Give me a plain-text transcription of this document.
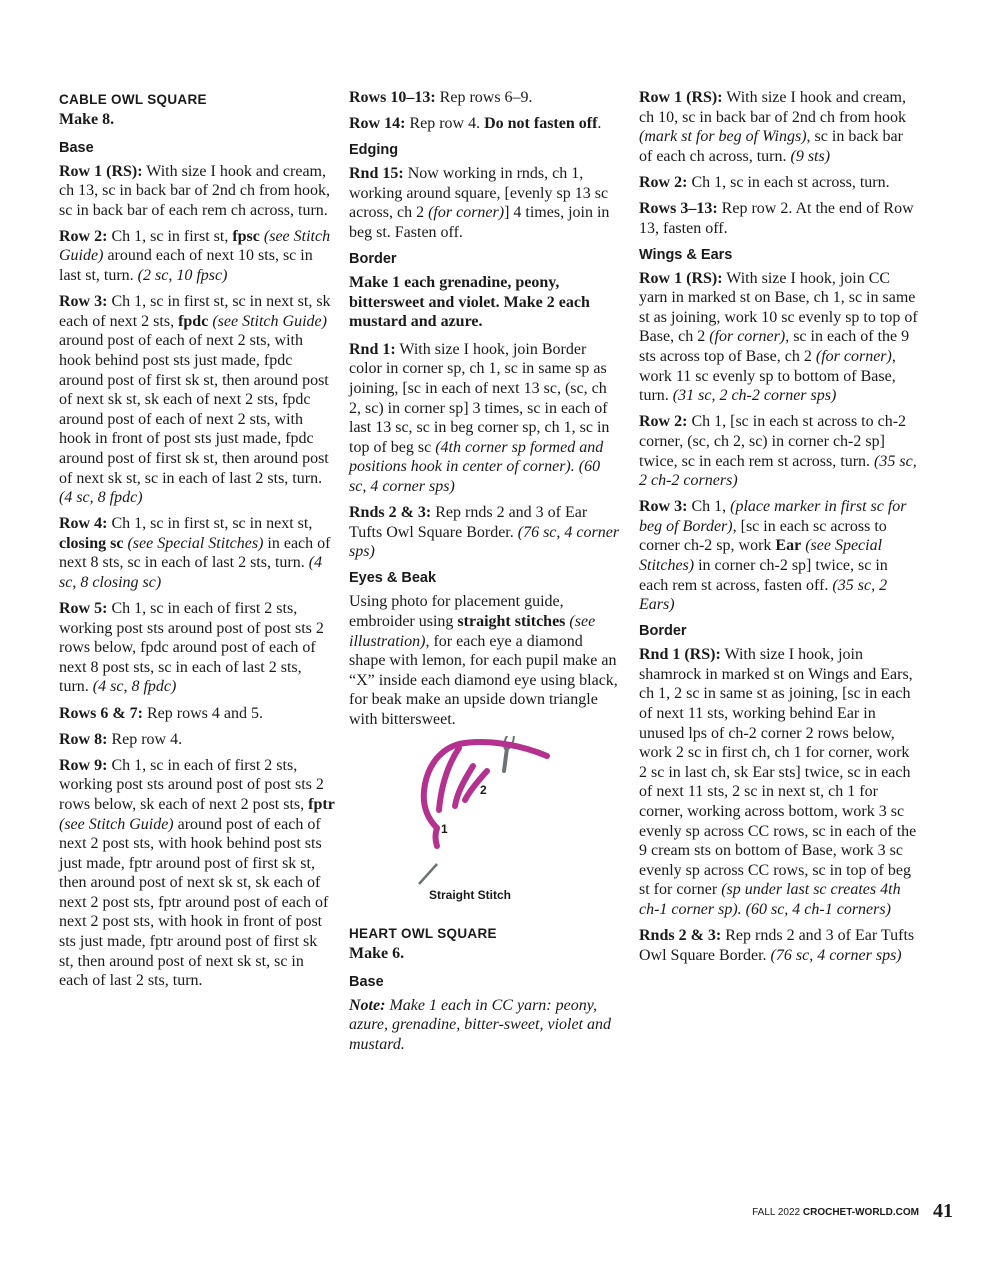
CABLE OWL SQUARE

Make 8.

Base

Row 1 (RS): With size I hook and cream, ch 13, sc in back bar of 2nd ch from hook, sc in back bar of each rem ch across, turn.

Row 2: Ch 1, sc in first st, fpsc (see Stitch Guide) around each of next 10 sts, sc in last st, turn. (2 sc, 10 fpsc)

Row 3: Ch 1, sc in first st, sc in next st, sk each of next 2 sts, fpdc (see Stitch Guide) around post of each of next 2 sts, with hook behind post sts just made, fpdc around post of first sk st, then around post of next sk st, sk each of next 2 sts, fpdc around post of each of next 2 sts, with hook in front of post sts just made, fpdc around post of first sk st, then around post of next sk st, sc in each of last 2 sts, turn. (4 sc, 8 fpdc)

Row 4: Ch 1, sc in first st, sc in next st, closing sc (see Special Stitches) in each of next 8 sts, sc in each of last 2 sts, turn. (4 sc, 8 closing sc)

Row 5: Ch 1, sc in each of first 2 sts, working post sts around post of post sts 2 rows below, fpdc around post of each of next 8 post sts, sc in each of last 2 sts, turn. (4 sc, 8 fpdc)

Rows 6 & 7: Rep rows 4 and 5.

Row 8: Rep row 4.

Row 9: Ch 1, sc in each of first 2 sts, working post sts around post of post sts 2 rows below, sk each of next 2 post sts, fptr (see Stitch Guide) around post of each of next 2 post sts, with hook behind post sts just made, fptr around post of first sk st, then around post of next sk st, sk each of next 2 post sts, fptr around post of each of next 2 post sts, with hook in front of post sts just made, fptr around post of first sk st, then around post of next sk st, sc in each of last 2 sts, turn.

Rows 10–13: Rep rows 6–9.

Row 14: Rep row 4. Do not fasten off.

Edging

Rnd 15: Now working in rnds, ch 1, working around square, [evenly sp 13 sc across, ch 2 (for corner)] 4 times, join in beg st. Fasten off.

Border

Make 1 each grenadine, peony, bittersweet and violet. Make 2 each mustard and azure.

Rnd 1: With size I hook, join Border color in corner sp, ch 1, sc in same sp as joining, [sc in each of next 13 sc, (sc, ch 2, sc) in corner sp] 3 times, sc in each of last 13 sc, sc in beg corner sp, ch 1, sc in top of beg sc (4th corner sp formed and positions hook in center of corner). (60 sc, 4 corner sps)

Rnds 2 & 3: Rep rnds 2 and 3 of Ear Tufts Owl Square Border. (76 sc, 4 corner sps)

Eyes & Beak

Using photo for placement guide, embroider using straight stitches (see illustration), for each eye a diamond shape with lemon, for each pupil make an “X” inside each diamond eye using black, for beak make an upside down triangle with bittersweet.

2
1
Straight Stitch
HEART OWL SQUARE

Make 6.

Base

Note: Make 1 each in CC yarn: peony, azure, grenadine, bitter-sweet, violet and mustard.

Row 1 (RS): With size I hook and cream, ch 10, sc in back bar of 2nd ch from hook (mark st for beg of Wings), sc in back bar of each ch across, turn. (9 sts)

Row 2: Ch 1, sc in each st across, turn.

Rows 3–13: Rep row 2. At the end of Row 13, fasten off.

Wings & Ears

Row 1 (RS): With size I hook, join CC yarn in marked st on Base, ch 1, sc in same st as joining, work 10 sc evenly sp to top of Base, ch 2 (for corner), sc in each of the 9 sts across top of Base, ch 2 (for corner), work 11 sc evenly sp to bottom of Base, turn. (31 sc, 2 ch-2 corner sps)

Row 2: Ch 1, [sc in each st across to ch-2 corner, (sc, ch 2, sc) in corner ch-2 sp] twice, sc in each rem st across, turn. (35 sc, 2 ch-2 corners)

Row 3: Ch 1, (place marker in first sc for beg of Border), [sc in each sc across to corner ch-2 sp, work Ear (see Special Stitches) in corner ch-2 sp] twice, sc in each rem st across, fasten off. (35 sc, 2 Ears)

Border

Rnd 1 (RS): With size I hook, join shamrock in marked st on Wings and Ears, ch 1, 2 sc in same st as joining, [sc in each of next 11 sts, working behind Ear in unused lps of ch-2 corner 2 rows below, work 2 sc in first ch, ch 1 for corner, work 2 sc in last ch, sk Ear sts] twice, sc in each of next 11 sts, 2 sc in next st, ch 1 for corner, working across bottom, work 3 sc evenly sp across CC rows, sc in each of the 9 cream sts on bottom of Base, work 3 sc evenly sp across CC rows, sc in top of beg st for corner (sp under last sc creates 4th ch-1 corner sp). (60 sc, 4 ch-1 corners)

Rnds 2 & 3: Rep rnds 2 and 3 of Ear Tufts Owl Square Border. (76 sc, 4 corner sps)

FALL 2022 CROCHET-WORLD.COM 41
